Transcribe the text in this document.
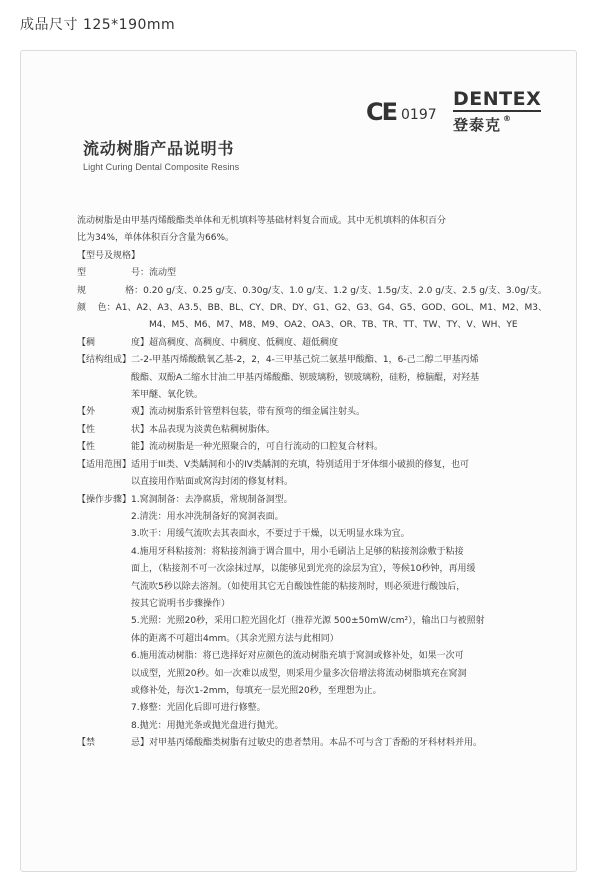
成品尺寸 125*190mm
CE 0197
DENTEX
登泰克 ®
流动树脂产品说明书
Light Curing Dental Composite Resins
流动树脂是由甲基丙烯酸酯类单体和无机填料等基础材料复合而成。其中无机填料的体积百分
比为34%，单体体积百分含量为66%。
【型号及规格】
型	号：流动型
规	格：0.20 g/支、0.25 g/支、0.30g/支、1.0 g/支、1.2 g/支、1.5g/支、2.0 g/支、2.5 g/支、3.0g/支。
颜	色：A1、A2、A3、A3.5、BB、BL、CY、DR、DY、G1、G2、G3、G4、G5、GOD、GOL、M1、M2、M3、
M4、M5、M6、M7、M8、M9、OA2、OA3、OR、TB、TR、TT、TW、TY、V、WH、YE
【稠	度】超高稠度、高稠度、中稠度、低稠度、超低稠度
【结构组成】 二-2-甲基丙烯酸酰氧乙基-2，2，4-三甲基己烷二氨基甲酸酯、1，6-己二醇二甲基丙烯
酸酯、双酚A二缩水甘油二甲基丙烯酸酯、钡玻璃粉，钡玻璃粉，硅粉，樟脑醌，对羟基
苯甲醚、氧化铁。
【外	观】流动树脂系针管塑料包装，带有预弯的细金属注射头。
【性	状】本品表现为淡黄色粘稠树脂体。
【性	能】流动树脂是一种光照聚合的，可自行流动的口腔复合材料。
【适用范围】 适用于III类、V类龋洞和小的IV类龋洞的充填，特别适用于牙体细小破损的修复，也可
以直接用作贴面或窝沟封闭的修复材料。
【操作步骤】 1.窝洞制备：去净腐质，常规制备洞型。
2.清洗：用水冲洗制备好的窝洞表面。
3.吹干：用缓气流吹去其表面水，不要过于干燥，以无明显水珠为宜。
4.施用牙科粘接剂：将粘接剂滴于调合皿中，用小毛刷沾上足够的粘接剂涂敷于粘接
面上，（粘接剂不可一次涂抹过厚，以能够见到光亮的涂层为宜），等候10秒钟，再用缓
气流吹5秒以除去溶剂。（如使用其它无自酸蚀性能的粘接剂时，则必须进行酸蚀后，
按其它说明书步骤操作）
5.光照：光照20秒，采用口腔光固化灯（推荐光源 500±50mW/cm²），输出口与被照射
体的距离不可超出4mm。（其余光照方法与此相同）
6.施用流动树脂：将已选择好对应颜色的流动树脂充填于窝洞或修补处，如果一次可
以成型，光照20秒。如一次难以成型，则采用少量多次倍增法将流动树脂填充在窝洞
或修补处，每次1-2mm，每填充一层光照20秒，至理想为止。
7.修整：光固化后即可进行修整。
8.抛光：用抛光条或抛光盘进行抛光。
【禁	忌】对甲基丙烯酸酯类树脂有过敏史的患者禁用。本品不可与含丁香酚的牙科材料并用。
